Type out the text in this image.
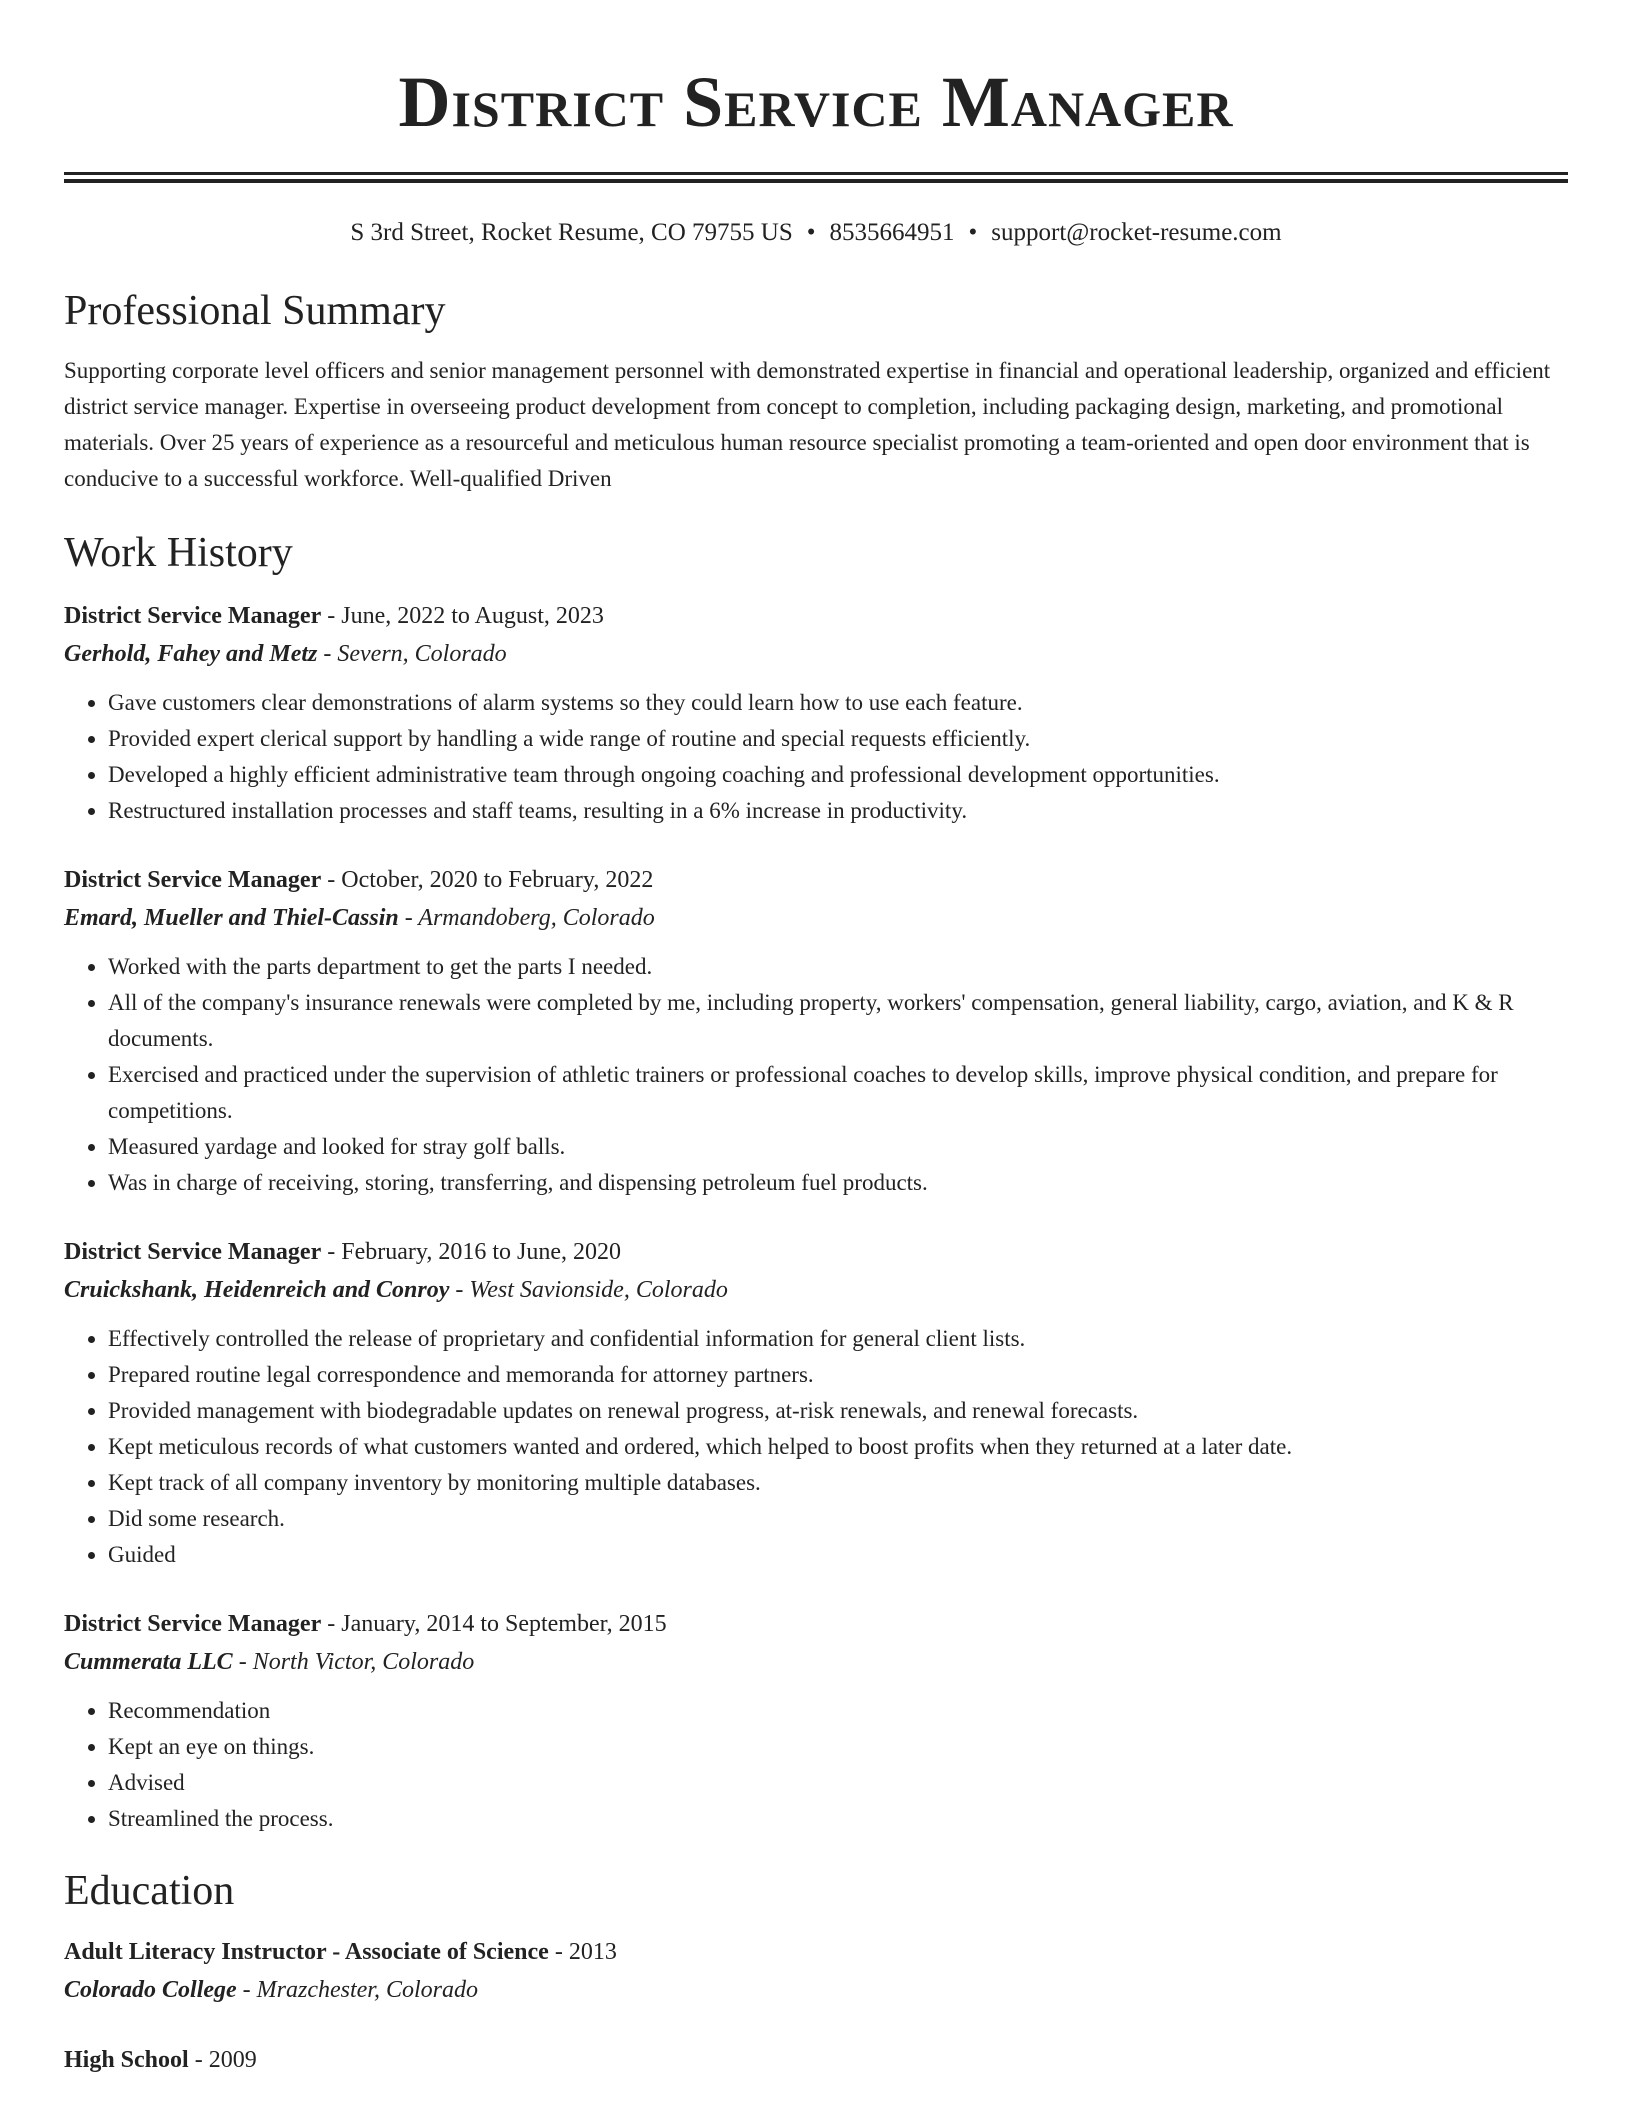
District Service Manager
S 3rd Street, Rocket Resume, CO 79755 US • 8535664951 • support@rocket-resume.com
Professional Summary

Supporting corporate level officers and senior management personnel with demonstrated expertise in financial and operational leadership, organized and efficient district service manager. Expertise in overseeing product development from concept to completion, including packaging design, marketing, and promotional materials. Over 25 years of experience as a resourceful and meticulous human resource specialist promoting a team-oriented and open door environment that is conducive to a successful workforce. Well-qualified Driven

Work History
District Service Manager - June, 2022 to August, 2023
Gerhold, Fahey and Metz - Severn, Colorado
• Gave customers clear demonstrations of alarm systems so they could learn how to use each feature.
• Provided expert clerical support by handling a wide range of routine and special requests efficiently.
• Developed a highly efficient administrative team through ongoing coaching and professional development opportunities.
• Restructured installation processes and staff teams, resulting in a 6% increase in productivity.
District Service Manager - October, 2020 to February, 2022
Emard, Mueller and Thiel-Cassin - Armandoberg, Colorado
• Worked with the parts department to get the parts I needed.
• All of the company's insurance renewals were completed by me, including property, workers' compensation, general liability, cargo, aviation, and K & R documents.
• Exercised and practiced under the supervision of athletic trainers or professional coaches to develop skills, improve physical condition, and prepare for competitions.
• Measured yardage and looked for stray golf balls.
• Was in charge of receiving, storing, transferring, and dispensing petroleum fuel products.
District Service Manager - February, 2016 to June, 2020
Cruickshank, Heidenreich and Conroy - West Savionside, Colorado
• Effectively controlled the release of proprietary and confidential information for general client lists.
• Prepared routine legal correspondence and memoranda for attorney partners.
• Provided management with biodegradable updates on renewal progress, at-risk renewals, and renewal forecasts.
• Kept meticulous records of what customers wanted and ordered, which helped to boost profits when they returned at a later date.
• Kept track of all company inventory by monitoring multiple databases.
• Did some research.
• Guided
District Service Manager - January, 2014 to September, 2015
Cummerata LLC - North Victor, Colorado
• Recommendation
• Kept an eye on things.
• Advised
• Streamlined the process.
Education
Adult Literacy Instructor - Associate of Science - 2013
Colorado College - Mrazchester, Colorado
High School - 2009
